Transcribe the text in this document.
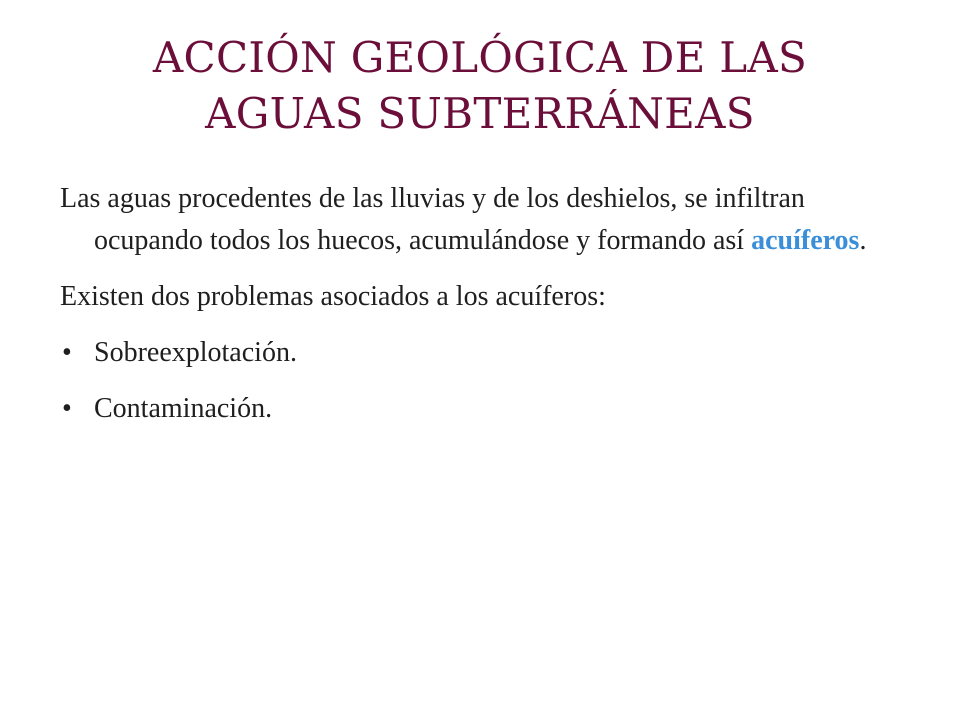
ACCIÓN GEOLÓGICA DE LAS
AGUAS SUBTERRÁNEAS

Las aguas procedentes de las lluvias y de los deshielos, se infiltran ocupando todos los huecos, acumulándose y formando así acuíferos.

Existen dos problemas asociados a los acuíferos:

• Sobreexplotación.
• Contaminación.
